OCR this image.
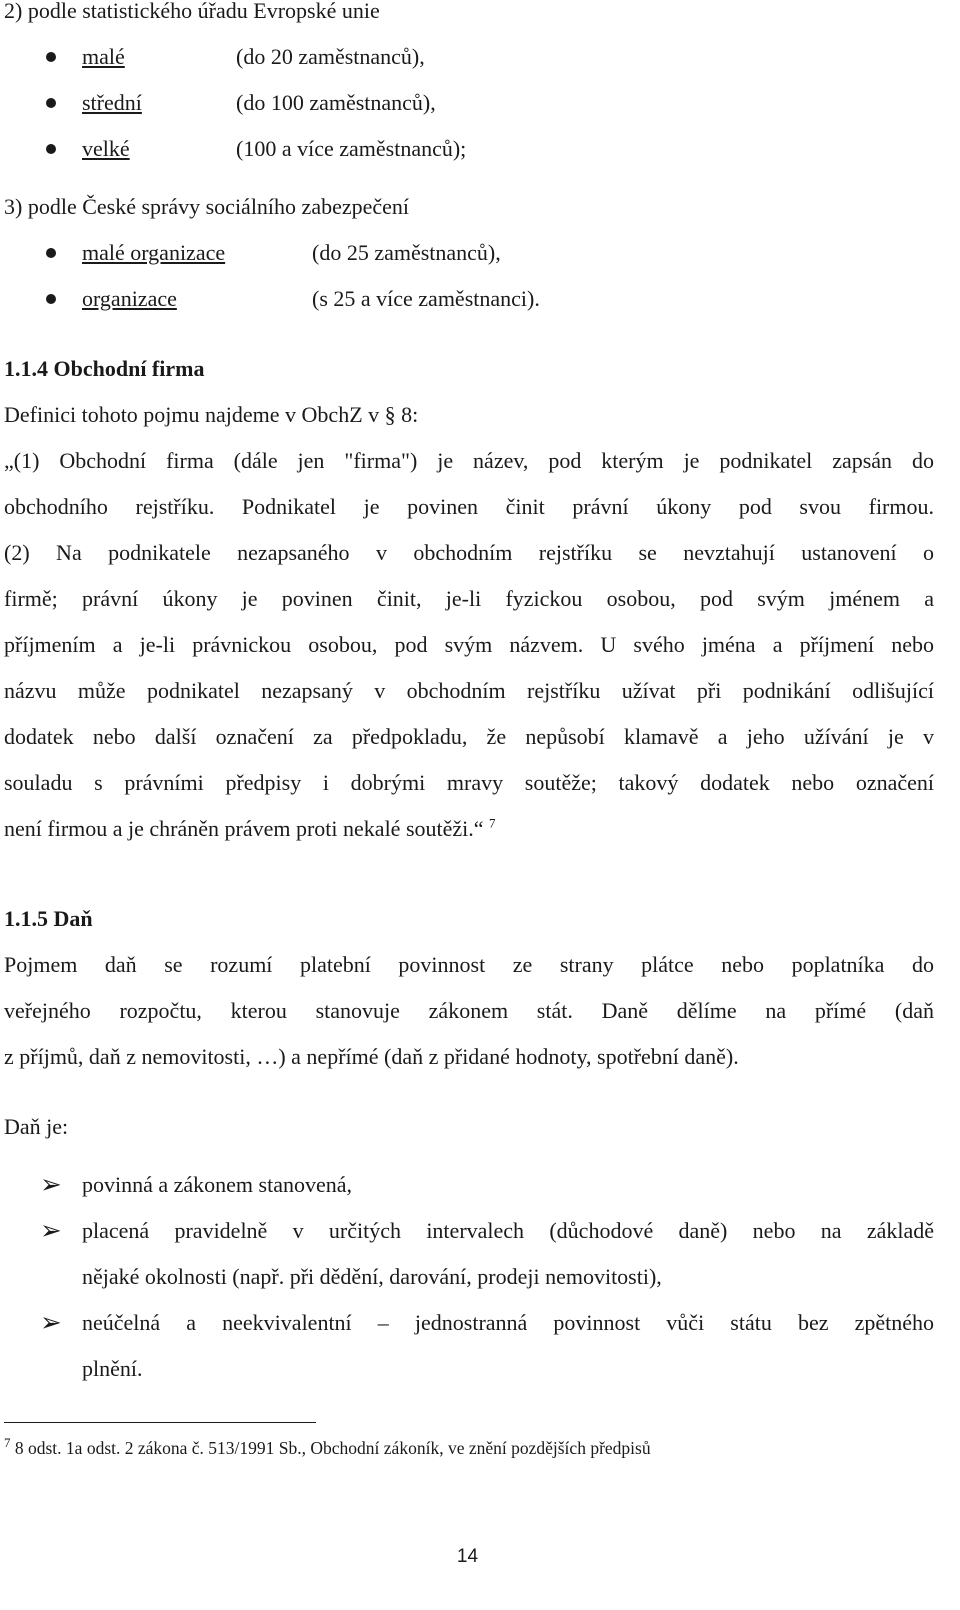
2) podle statistického úřadu Evropské unie

malé	(do 20 zaměstnanců),
střední	(do 100 zaměstnanců),
velké	(100 a více zaměstnanců);

3) podle České správy sociálního zabezpečení

malé organizace	(do 25 zaměstnanců),
organizace	(s 25 a více zaměstnanci).

1.1.4 Obchodní firma

Definici tohoto pojmu najdeme v ObchZ v § 8:

„(1) Obchodní firma (dále jen "firma") je název, pod kterým je podnikatel zapsán do

obchodního rejstříku. Podnikatel je povinen činit právní úkony pod svou firmou.

(2) Na podnikatele nezapsaného v obchodním rejstříku se nevztahují ustanovení o

firmě; právní úkony je povinen činit, je-li fyzickou osobou, pod svým jménem a

příjmením a je-li právnickou osobou, pod svým názvem. U svého jména a příjmení nebo

názvu může podnikatel nezapsaný v obchodním rejstříku užívat při podnikání odlišující

dodatek nebo další označení za předpokladu, že nepůsobí klamavě a jeho užívání je v

souladu s právními předpisy i dobrými mravy soutěže; takový dodatek nebo označení

není firmou a je chráněn právem proti nekalé soutěži.“ $^7$

1.1.5 Daň

Pojmem daň se rozumí platební povinnost ze strany plátce nebo poplatníka do

veřejného rozpočtu, kterou stanovuje zákonem stát. Daně dělíme na přímé (daň

z příjmů, daň z nemovitosti, …) a nepřímé (daň z přidané hodnoty, spotřební daně).

Daň je:

➢ povinná a zákonem stanovená,

➢ placená pravidelně v určitých intervalech (důchodové daně) nebo na základě

nějaké okolnosti (např. při dědění, darování, prodeji nemovitosti),

➢ neúčelná a neekvivalentní – jednostranná povinnost vůči státu bez zpětného

plnění.

$^7$ 8 odst. 1a odst. 2 zákona č. 513/1991 Sb., Obchodní zákoník, ve znění pozdějších předpisů
14
